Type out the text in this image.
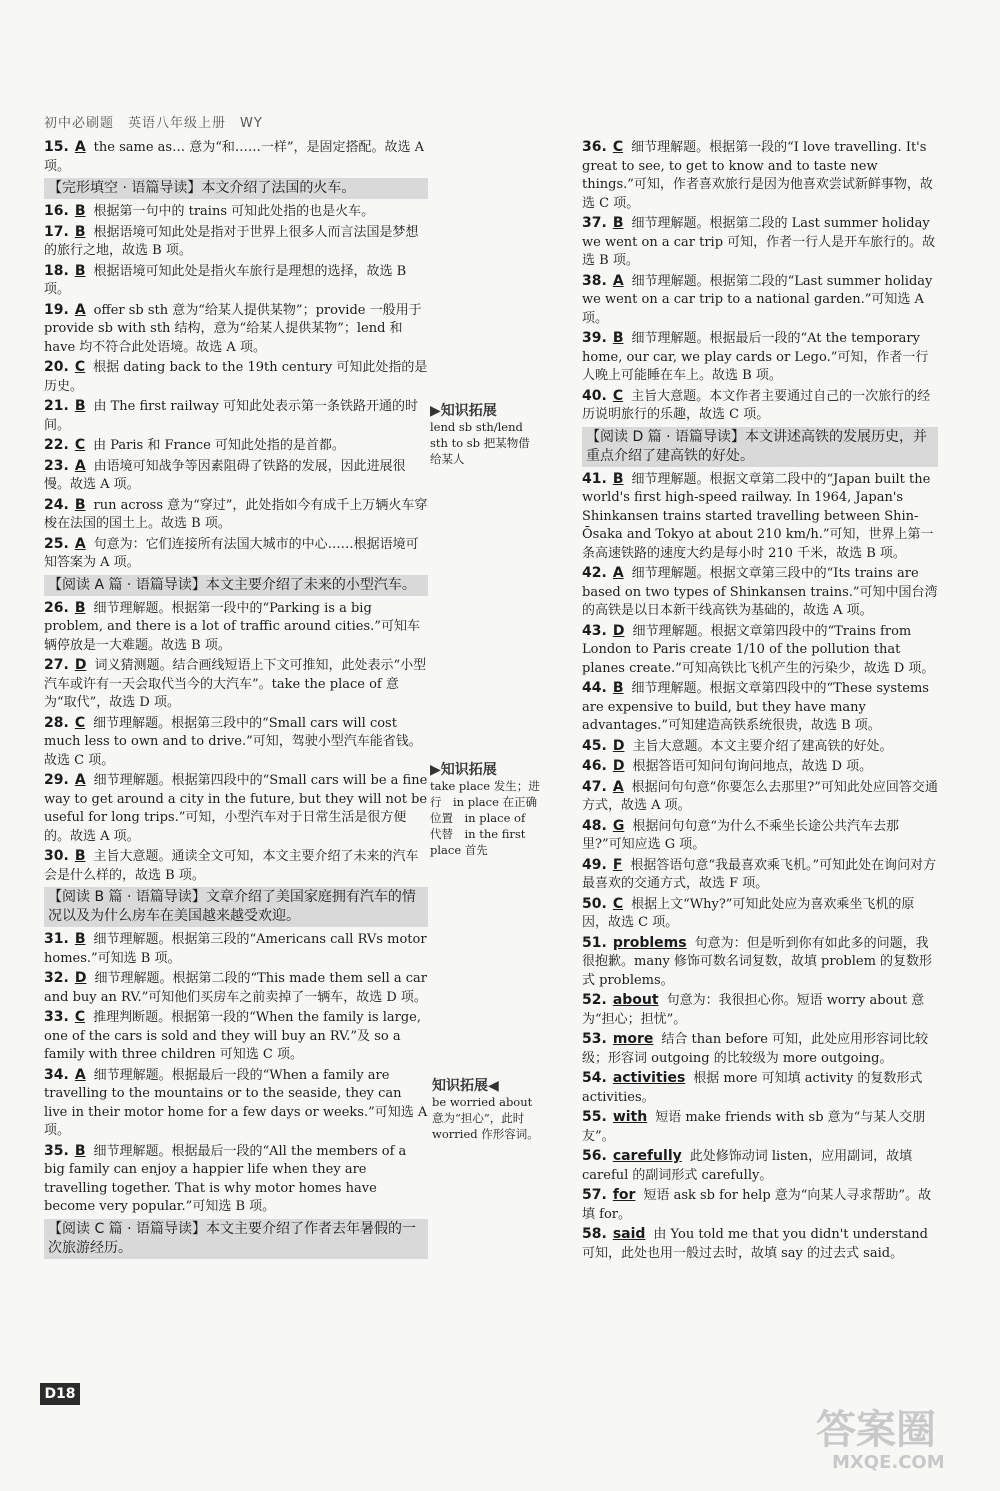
初中必刷题　英语八年级上册　WY
15. A the same as… 意为“和……一样”，是固定搭配。故选 A 项。
【完形填空 · 语篇导读】本文介绍了法国的火车。
16. B 根据第一句中的 trains 可知此处指的也是火车。
17. B 根据语境可知此处是指对于世界上很多人而言法国是梦想的旅行之地，故选 B 项。
18. B 根据语境可知此处是指火车旅行是理想的选择，故选 B 项。
19. A offer sb sth 意为“给某人提供某物”；provide 一般用于 provide sb with sth 结构，意为“给某人提供某物”；lend 和 have 均不符合此处语境。故选 A 项。
20. C 根据 dating back to the 19th century 可知此处指的是历史。
21. B 由 The first railway 可知此处表示第一条铁路开通的时间。
22. C 由 Paris 和 France 可知此处指的是首都。
23. A 由语境可知战争等因素阻碍了铁路的发展，因此进展很慢。故选 A 项。
24. B run across 意为“穿过”，此处指如今有成千上万辆火车穿梭在法国的国土上。故选 B 项。
25. A 句意为：它们连接所有法国大城市的中心……根据语境可知答案为 A 项。
【阅读 A 篇 · 语篇导读】本文主要介绍了未来的小型汽车。
26. B 细节理解题。根据第一段中的“Parking is a big problem, and there is a lot of traffic around cities.”可知车辆停放是一大难题。故选 B 项。
27. D 词义猜测题。结合画线短语上下文可推知，此处表示“小型汽车或许有一天会取代当今的大汽车”。take the place of 意为“取代”，故选 D 项。
28. C 细节理解题。根据第三段中的“Small cars will cost much less to own and to drive.”可知，驾驶小型汽车能省钱。故选 C 项。
29. A 细节理解题。根据第四段中的“Small cars will be a fine way to get around a city in the future, but they will not be useful for long trips.”可知，小型汽车对于日常生活是很方便的。故选 A 项。
30. B 主旨大意题。通读全文可知，本文主要介绍了未来的汽车会是什么样的，故选 B 项。
【阅读 B 篇 · 语篇导读】文章介绍了美国家庭拥有汽车的情况以及为什么房车在美国越来越受欢迎。
31. B 细节理解题。根据第三段的“Americans call RVs motor homes.”可知选 B 项。
32. D 细节理解题。根据第二段的“This made them sell a car and buy an RV.”可知他们买房车之前卖掉了一辆车，故选 D 项。
33. C 推理判断题。根据第一段的“When the family is large, one of the cars is sold and they will buy an RV.”及 so a family with three children 可知选 C 项。
34. A 细节理解题。根据最后一段的“When a family are travelling to the mountains or to the seaside, they can live in their motor home for a few days or weeks.”可知选 A 项。
35. B 细节理解题。根据最后一段的“All the members of a big family can enjoy a happier life when they are travelling together. That is why motor homes have become very popular.”可知选 B 项。
【阅读 C 篇 · 语篇导读】本文主要介绍了作者去年暑假的一次旅游经历。
36. C 细节理解题。根据第一段的“I love travelling. It's great to see, to get to know and to taste new things.”可知，作者喜欢旅行是因为他喜欢尝试新鲜事物，故选 C 项。
37. B 细节理解题。根据第二段的 Last summer holiday we went on a car trip 可知，作者一行人是开车旅行的。故选 B 项。
38. A 细节理解题。根据第二段的“Last summer holiday we went on a car trip to a national garden.”可知选 A 项。
39. B 细节理解题。根据最后一段的“At the temporary home, our car, we play cards or Lego.”可知，作者一行人晚上可能睡在车上。故选 B 项。
40. C 主旨大意题。本文作者主要通过自己的一次旅行的经历说明旅行的乐趣，故选 C 项。
【阅读 D 篇 · 语篇导读】本文讲述高铁的发展历史，并重点介绍了建高铁的好处。
41. B 细节理解题。根据文章第二段中的“Japan built the world's first high-speed railway. In 1964, Japan's Shinkansen trains started travelling between Shin-Ōsaka and Tokyo at about 210 km/h.”可知，世界上第一条高速铁路的速度大约是每小时 210 千米，故选 B 项。
42. A 细节理解题。根据文章第三段中的“Its trains are based on two types of Shinkansen trains.”可知中国台湾的高铁是以日本新干线高铁为基础的，故选 A 项。
43. D 细节理解题。根据文章第四段中的“Trains from London to Paris create 1/10 of the pollution that planes create.”可知高铁比飞机产生的污染少，故选 D 项。
44. B 细节理解题。根据文章第四段中的“These systems are expensive to build, but they have many advantages.”可知建造高铁系统很贵，故选 B 项。
45. D 主旨大意题。本文主要介绍了建高铁的好处。
46. D 根据答语可知问句询问地点，故选 D 项。
47. A 根据问句句意“你要怎么去那里?”可知此处应回答交通方式，故选 A 项。
48. G 根据问句句意“为什么不乘坐长途公共汽车去那里?”可知应选 G 项。
49. F 根据答语句意“我最喜欢乘飞机。”可知此处在询问对方最喜欢的交通方式，故选 F 项。
50. C 根据上文“Why?”可知此处应为喜欢乘坐飞机的原因，故选 C 项。
51. problems 句意为：但是听到你有如此多的问题，我很抱歉。many 修饰可数名词复数，故填 problem 的复数形式 problems。
52. about 句意为：我很担心你。短语 worry about 意为“担心；担忧”。
53. more 结合 than before 可知，此处应用形容词比较级；形容词 outgoing 的比较级为 more outgoing。
54. activities 根据 more 可知填 activity 的复数形式 activities。
55. with 短语 make friends with sb 意为“与某人交朋友”。
56. carefully 此处修饰动词 listen，应用副词，故填 careful 的副词形式 carefully。
57. for 短语 ask sb for help 意为“向某人寻求帮助”。故填 for。
58. said 由 You told me that you didn't understand 可知，此处也用一般过去时，故填 say 的过去式 said。
▶知识拓展
lend sb sth/lend sth to sb 把某物借给某人
▶知识拓展
take place 发生；进行　in place 在正确位置　in place of 代替　in the first place 首先
知识拓展◀
be worried about 意为“担心”，此时 worried 作形容词。
D18
答案圈
MXQE.COM
